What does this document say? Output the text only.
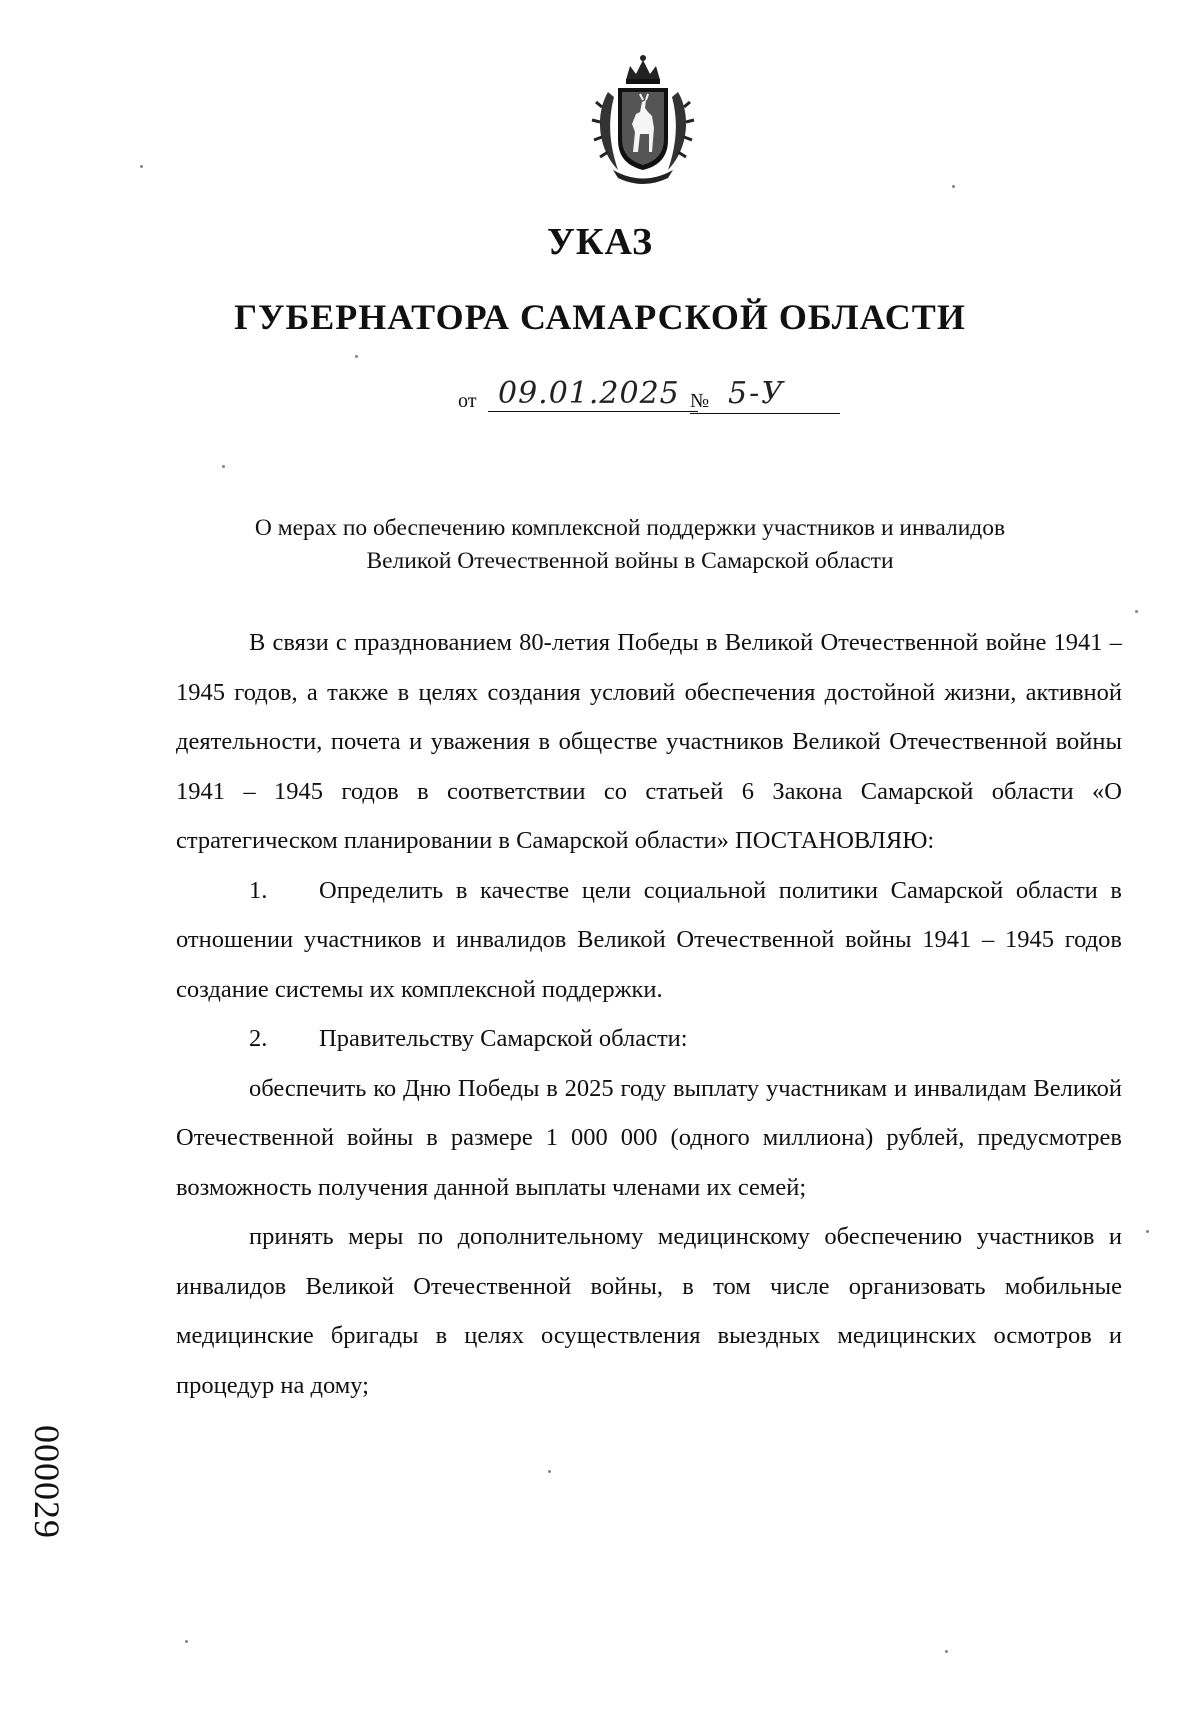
УКАЗ
ГУБЕРНАТОРА САМАРСКОЙ ОБЛАСТИ
от 09.01.2025 № 5-У
О мерах по обеспечению комплексной поддержки участников и инвалидов
Великой Отечественной войны в Самарской области

В связи с празднованием 80-летия Победы в Великой Отечественной войне 1941 – 1945 годов, а также в целях создания условий обеспечения достойной жизни, активной деятельности, почета и уважения в обществе участников Великой Отечественной войны 1941 – 1945 годов в соответствии со статьей 6 Закона Самарской области «О стратегическом планировании в Самарской области» ПОСТАНОВЛЯЮ:

1. Определить в качестве цели социальной политики Самарской области в отношении участников и инвалидов Великой Отечественной войны 1941 – 1945 годов создание системы их комплексной поддержки.

2. Правительству Самарской области:

обеспечить ко Дню Победы в 2025 году выплату участникам и инвалидам Великой Отечественной войны в размере 1 000 000 (одного миллиона) рублей, предусмотрев возможность получения данной выплаты членами их семей;

принять меры по дополнительному медицинскому обеспечению участников и инвалидов Великой Отечественной войны, в том числе организовать мобильные медицинские бригады в целях осуществления выездных медицинских осмотров и процедур на дому;

000029
